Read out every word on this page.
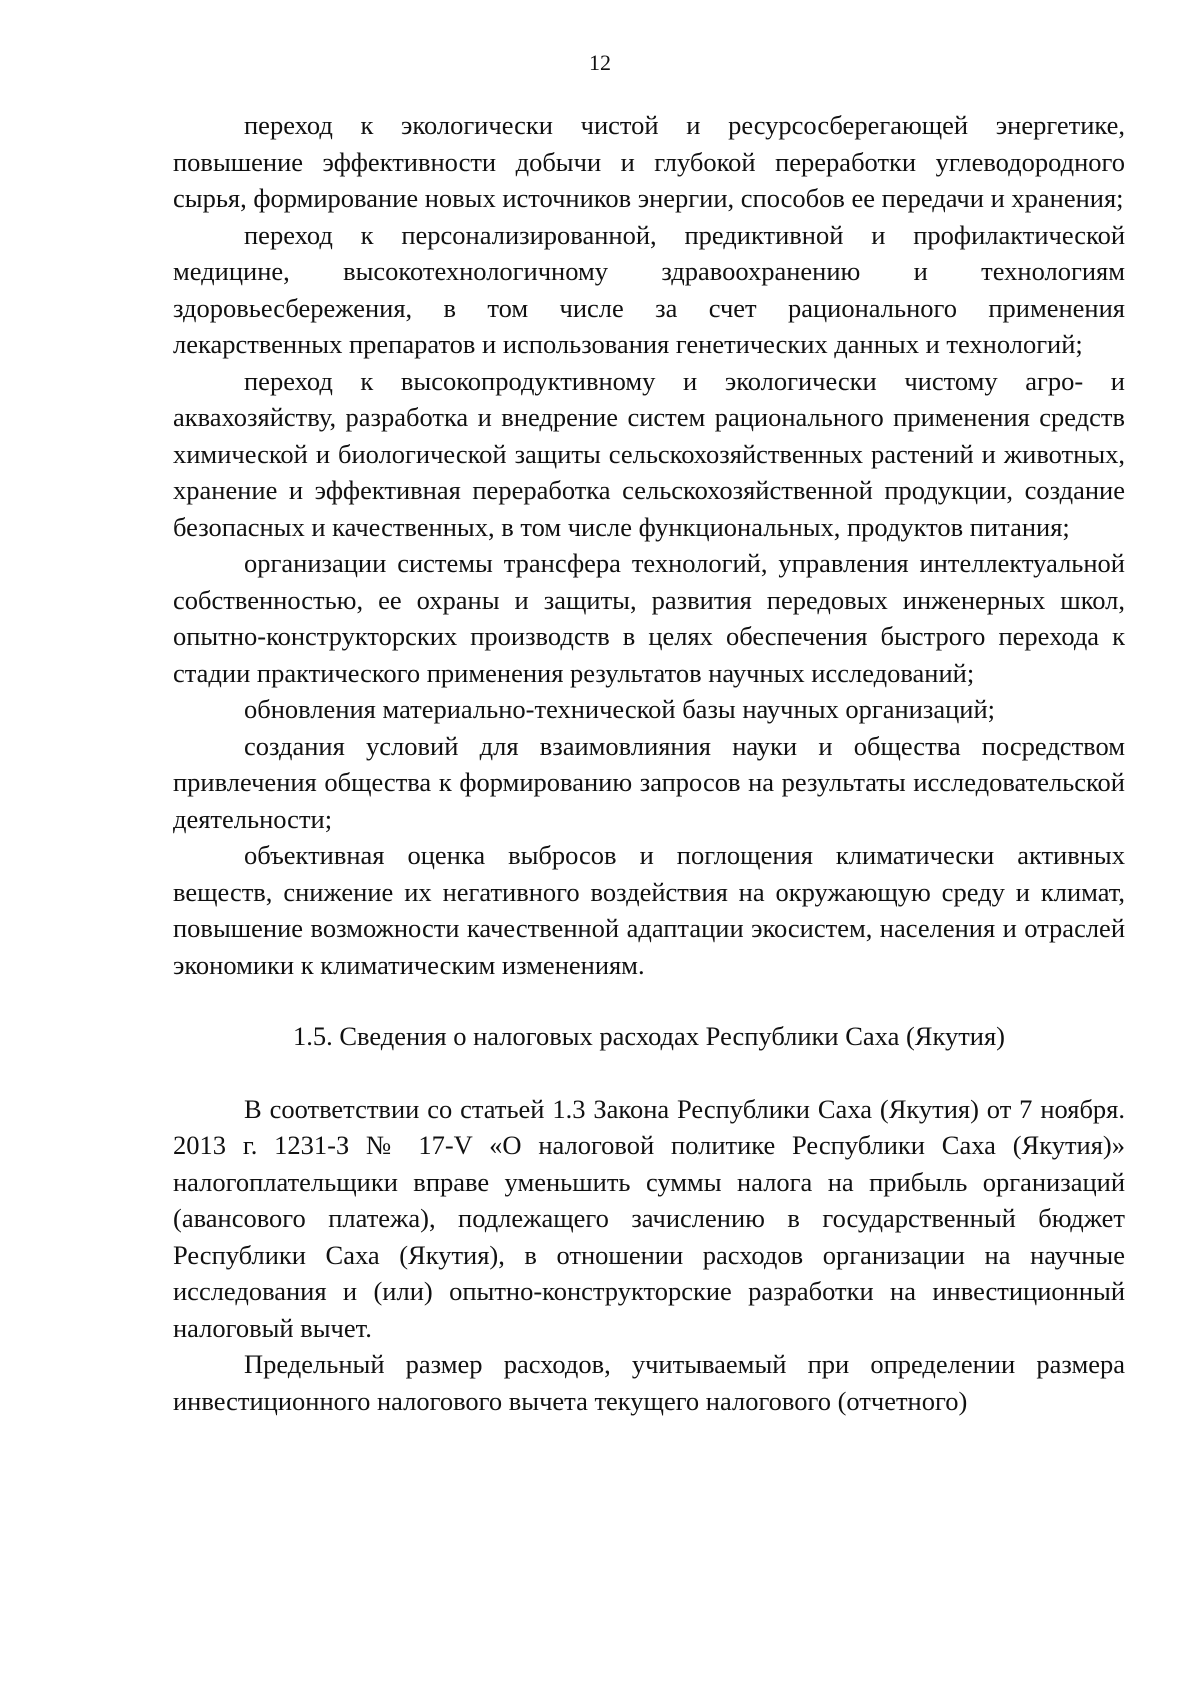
12

переход к экологически чистой и ресурсосберегающей энергетике, повышение эффективности добычи и глубокой переработки углеводородного сырья, формирование новых источников энергии, способов ее передачи и хранения;

переход к персонализированной, предиктивной и профилактической медицине, высокотехнологичному здравоохранению и технологиям здоровьесбережения, в том числе за счет рационального применения лекарственных препаратов и использования генетических данных и технологий;

переход к высокопродуктивному и экологически чистому агро- и аквахозяйству, разработка и внедрение систем рационального применения средств химической и биологической защиты сельскохозяйственных растений и животных, хранение и эффективная переработка сельскохозяйственной продукции, создание безопасных и качественных, в том числе функциональных, продуктов питания;

организации системы трансфера технологий, управления интеллектуальной собственностью, ее охраны и защиты, развития передовых инженерных школ, опытно-конструкторских производств в целях обеспечения быстрого перехода к стадии практического применения результатов научных исследований;

обновления материально-технической базы научных организаций;

создания условий для взаимовлияния науки и общества посредством привлечения общества к формированию запросов на результаты исследовательской деятельности;

объективная оценка выбросов и поглощения климатически активных веществ, снижение их негативного воздействия на окружающую среду и климат, повышение возможности качественной адаптации экосистем, населения и отраслей экономики к климатическим изменениям.

1.5. Сведения о налоговых расходах Республики Саха (Якутия)

В соответствии со статьей 1.3 Закона Республики Саха (Якутия) от 7 ноября. 2013 г. 1231-З № 17-V «О налоговой политике Республики Саха (Якутия)» налогоплательщики вправе уменьшить суммы налога на прибыль организаций (авансового платежа), подлежащего зачислению в государственный бюджет Республики Саха (Якутия), в отношении расходов организации на научные исследования и (или) опытно-конструкторские разработки на инвестиционный налоговый вычет.

Предельный размер расходов, учитываемый при определении размера инвестиционного налогового вычета текущего налогового (отчетного)
